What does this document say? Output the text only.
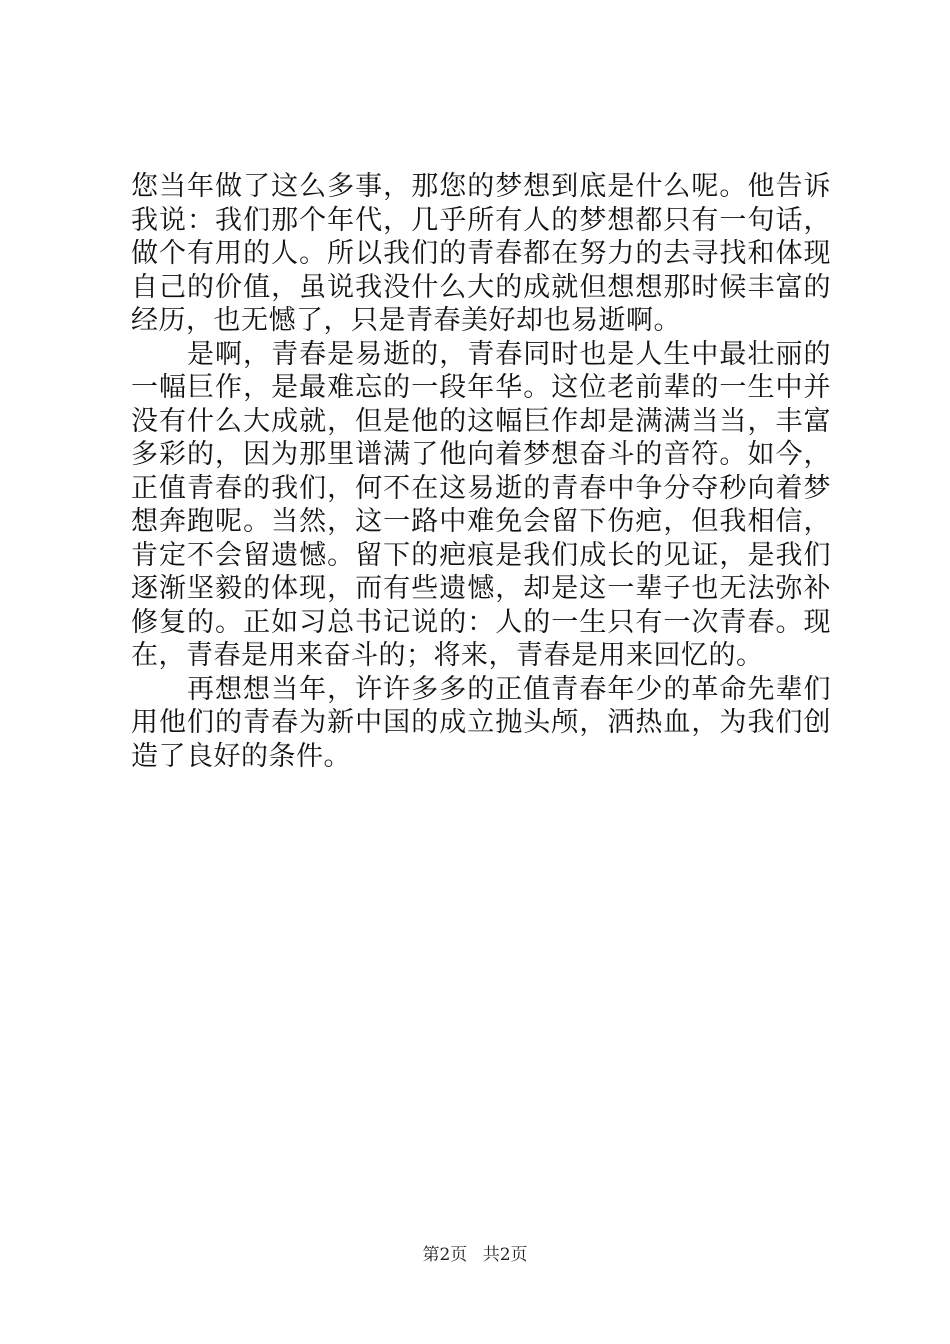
您当年做了这么多事，那您的梦想到底是什么呢。他告诉我说：我们那个年代，几乎所有人的梦想都只有一句话，做个有用的人。所以我们的青春都在努力的去寻找和体现自己的价值，虽说我没什么大的成就但想想那时候丰富的经历，也无憾了，只是青春美好却也易逝啊。

是啊，青春是易逝的，青春同时也是人生中最壮丽的一幅巨作，是最难忘的一段年华。这位老前辈的一生中并没有什么大成就，但是他的这幅巨作却是满满当当，丰富多彩的，因为那里谱满了他向着梦想奋斗的音符。如今，正值青春的我们，何不在这易逝的青春中争分夺秒向着梦想奔跑呢。当然，这一路中难免会留下伤疤，但我相信，肯定不会留遗憾。留下的疤痕是我们成长的见证，是我们逐渐坚毅的体现，而有些遗憾，却是这一辈子也无法弥补修复的。正如习总书记说的：人的一生只有一次青春。现在，青春是用来奋斗的；将来，青春是用来回忆的。

再想想当年，许许多多的正值青春年少的革命先辈们用他们的青春为新中国的成立抛头颅，洒热血，为我们创造了良好的条件。

第2页 共2页
